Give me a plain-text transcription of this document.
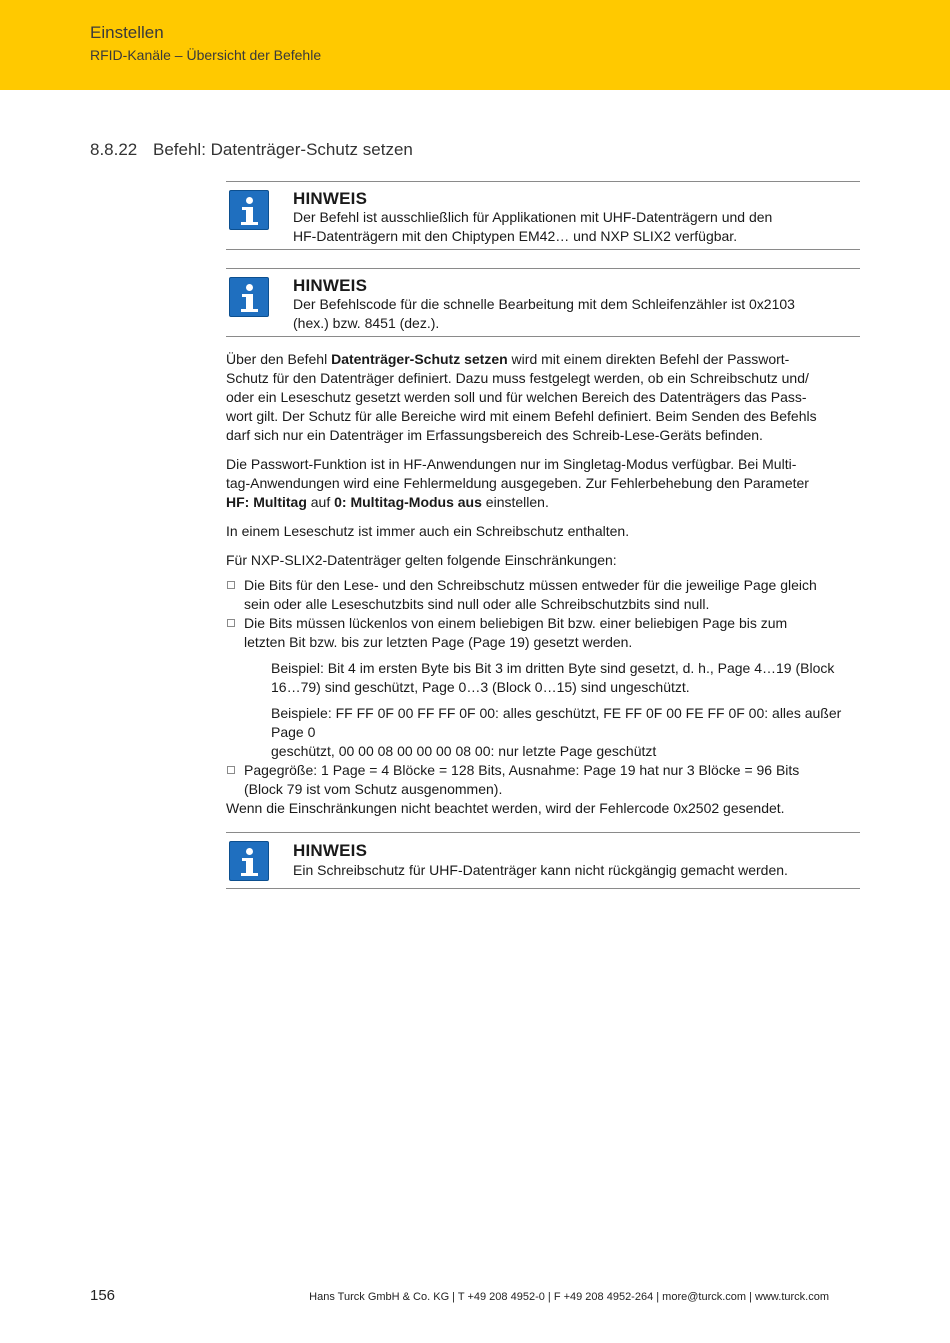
Einstellen
RFID-Kanäle – Übersicht der Befehle
8.8.22 Befehl: Datenträger-Schutz setzen
HINWEIS
Der Befehl ist ausschließlich für Applikationen mit UHF-Datenträgern und den
HF-Datenträgern mit den Chiptypen EM42… und NXP SLIX2 verfügbar.
HINWEIS
Der Befehlscode für die schnelle Bearbeitung mit dem Schleifenzähler ist 0x2103
(hex.) bzw. 8451 (dez.).

Über den Befehl Datenträger-Schutz setzen wird mit einem direkten Befehl der Passwort-
Schutz für den Datenträger definiert. Dazu muss festgelegt werden, ob ein Schreibschutz und/
oder ein Leseschutz gesetzt werden soll und für welchen Bereich des Datenträgers das Pass-
wort gilt. Der Schutz für alle Bereiche wird mit einem Befehl definiert. Beim Senden des Befehls
darf sich nur ein Datenträger im Erfassungsbereich des Schreib-Lese-Geräts befinden.

Die Passwort-Funktion ist in HF-Anwendungen nur im Singletag-Modus verfügbar. Bei Multi-
tag-Anwendungen wird eine Fehlermeldung ausgegeben. Zur Fehlerbehebung den Parameter
HF: Multitag auf 0: Multitag-Modus aus einstellen.

In einem Leseschutz ist immer auch ein Schreibschutz enthalten.

Für NXP-SLIX2-Datenträger gelten folgende Einschränkungen:

Die Bits für den Lese- und den Schreibschutz müssen entweder für die jeweilige Page gleich
sein oder alle Leseschutzbits sind null oder alle Schreibschutzbits sind null.
Die Bits müssen lückenlos von einem beliebigen Bit bzw. einer beliebigen Page bis zum
letzten Bit bzw. bis zur letzten Page (Page 19) gesetzt werden.
Beispiel: Bit 4 im ersten Byte bis Bit 3 im dritten Byte sind gesetzt, d. h., Page 4…19 (Block
16…79) sind geschützt, Page 0…3 (Block 0…15) sind ungeschützt.
Beispiele: FF FF 0F 00 FF FF 0F 00: alles geschützt, FE FF 0F 00 FE FF 0F 00: alles außer Page 0
geschützt, 00 00 08 00 00 00 08 00: nur letzte Page geschützt
Pagegröße: 1 Page = 4 Blöcke = 128 Bits, Ausnahme: Page 19 hat nur 3 Blöcke = 96 Bits
(Block 79 ist vom Schutz ausgenommen).

Wenn die Einschränkungen nicht beachtet werden, wird der Fehlercode 0x2502 gesendet.

HINWEIS
Ein Schreibschutz für UHF-Datenträger kann nicht rückgängig gemacht werden.
156	Hans Turck GmbH & Co. KG | T +49 208 4952-0 | F +49 208 4952-264 | more@turck.com | www.turck.com
